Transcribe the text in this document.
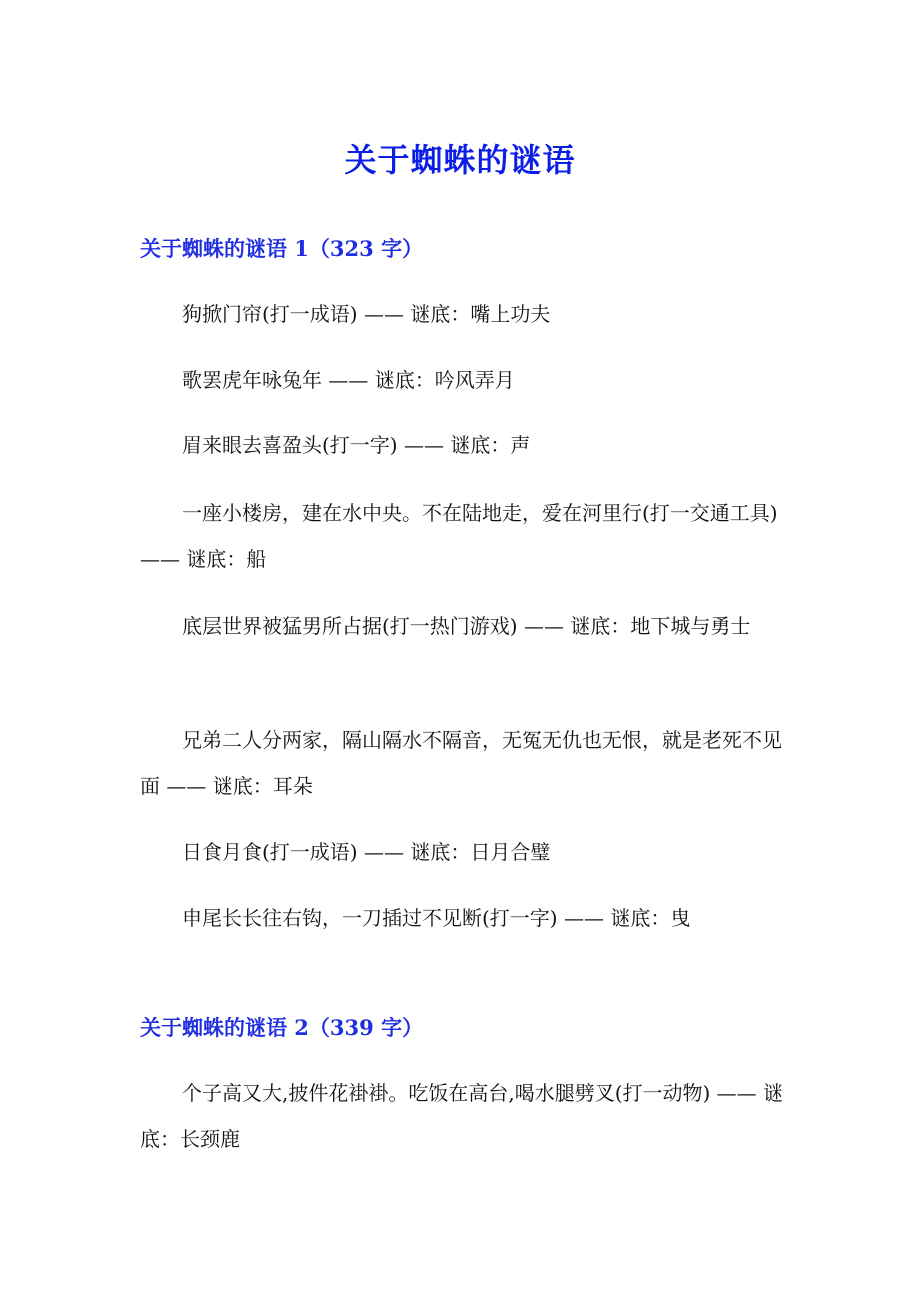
关于蜘蛛的谜语
关于蜘蛛的谜语 1（323 字）

狗掀门帘(打一成语) —— 谜底：嘴上功夫

歌罢虎年咏兔年 —— 谜底：吟风弄月

眉来眼去喜盈头(打一字) —— 谜底：声

一座小楼房，建在水中央。不在陆地走，爱在河里行(打一交通工具) —— 谜底：船

底层世界被猛男所占据(打一热门游戏) —— 谜底：地下城与勇士

兄弟二人分两家，隔山隔水不隔音，无冤无仇也无恨，就是老死不见面 —— 谜底：耳朵

日食月食(打一成语) —— 谜底：日月合璧

申尾长长往右钩，一刀插过不见断(打一字) —— 谜底：曳

关于蜘蛛的谜语 2（339 字）

个子高又大,披件花褂褂。吃饭在高台,喝水腿劈叉(打一动物) —— 谜底：长颈鹿
